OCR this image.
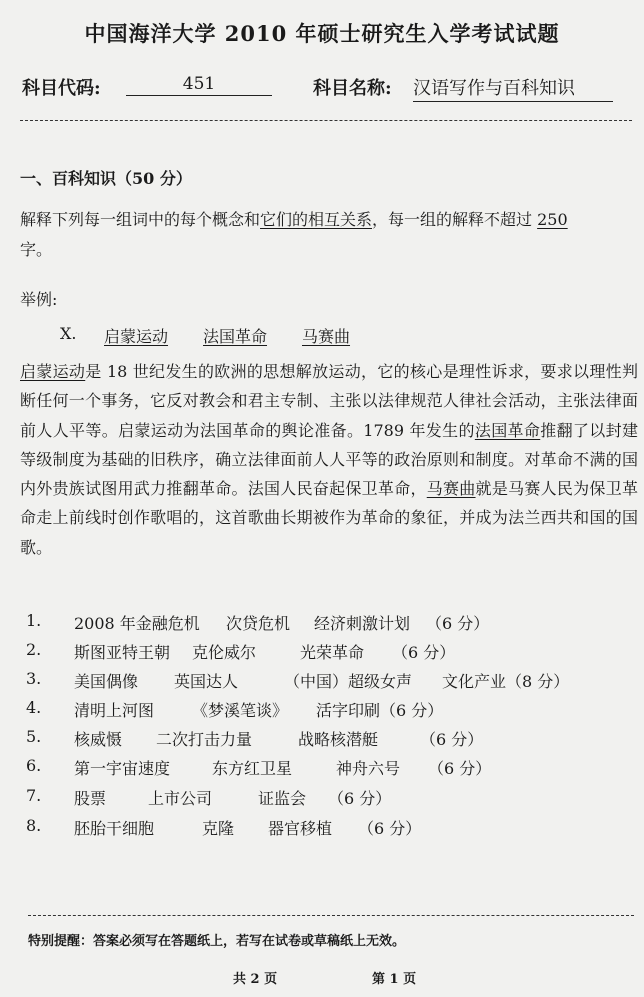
中国海洋大学 2010 年硕士研究生入学考试试题
科目代码:	451	科目名称: 汉语写作与百科知识
一、百科知识（50 分）
解释下列每一组词中的每个概念和它们的相互关系，每一组的解释不超过 250
字。
举例:
X. 启蒙运动 法国革命 马赛曲
启蒙运动是 18 世纪发生的欧洲的思想解放运动，它的核心是理性诉求，要求以理性判断任何一个事务，它反对教会和君主专制、主张以法律规范人律社会活动，主张法律面前人人平等。启蒙运动为法国革命的舆论准备。1789 年发生的法国革命推翻了以封建等级制度为基础的旧秩序，确立法律面前人人平等的政治原则和制度。对革命不满的国内外贵族试图用武力推翻革命。法国人民奋起保卫革命，马赛曲就是马赛人民为保卫革命走上前线时创作歌唱的，这首歌曲长期被作为革命的象征，并成为法兰西共和国的国歌。
1. 2008 年金融危机 次贷危机 经济刺激计划 （6 分）
2. 斯图亚特王朝 克伦威尔	光荣革命 （6 分）
3. 美国偶像 英国达人	（中国）超级女声 文化产业（8 分）
4. 清明上河图 《梦溪笔谈》 活字印刷（6 分）
5. 核威慑 二次打击力量	战略核潜艇	（6 分）
6. 第一宇宙速度	东方红卫星	神舟六号 （6 分）
7. 股票	上市公司	证监会 （6 分）
8. 胚胎干细胞	克隆 器官移植 （6 分）
特别提醒：答案必须写在答题纸上，若写在试卷或草稿纸上无效。
共 2 页	第 1 页
